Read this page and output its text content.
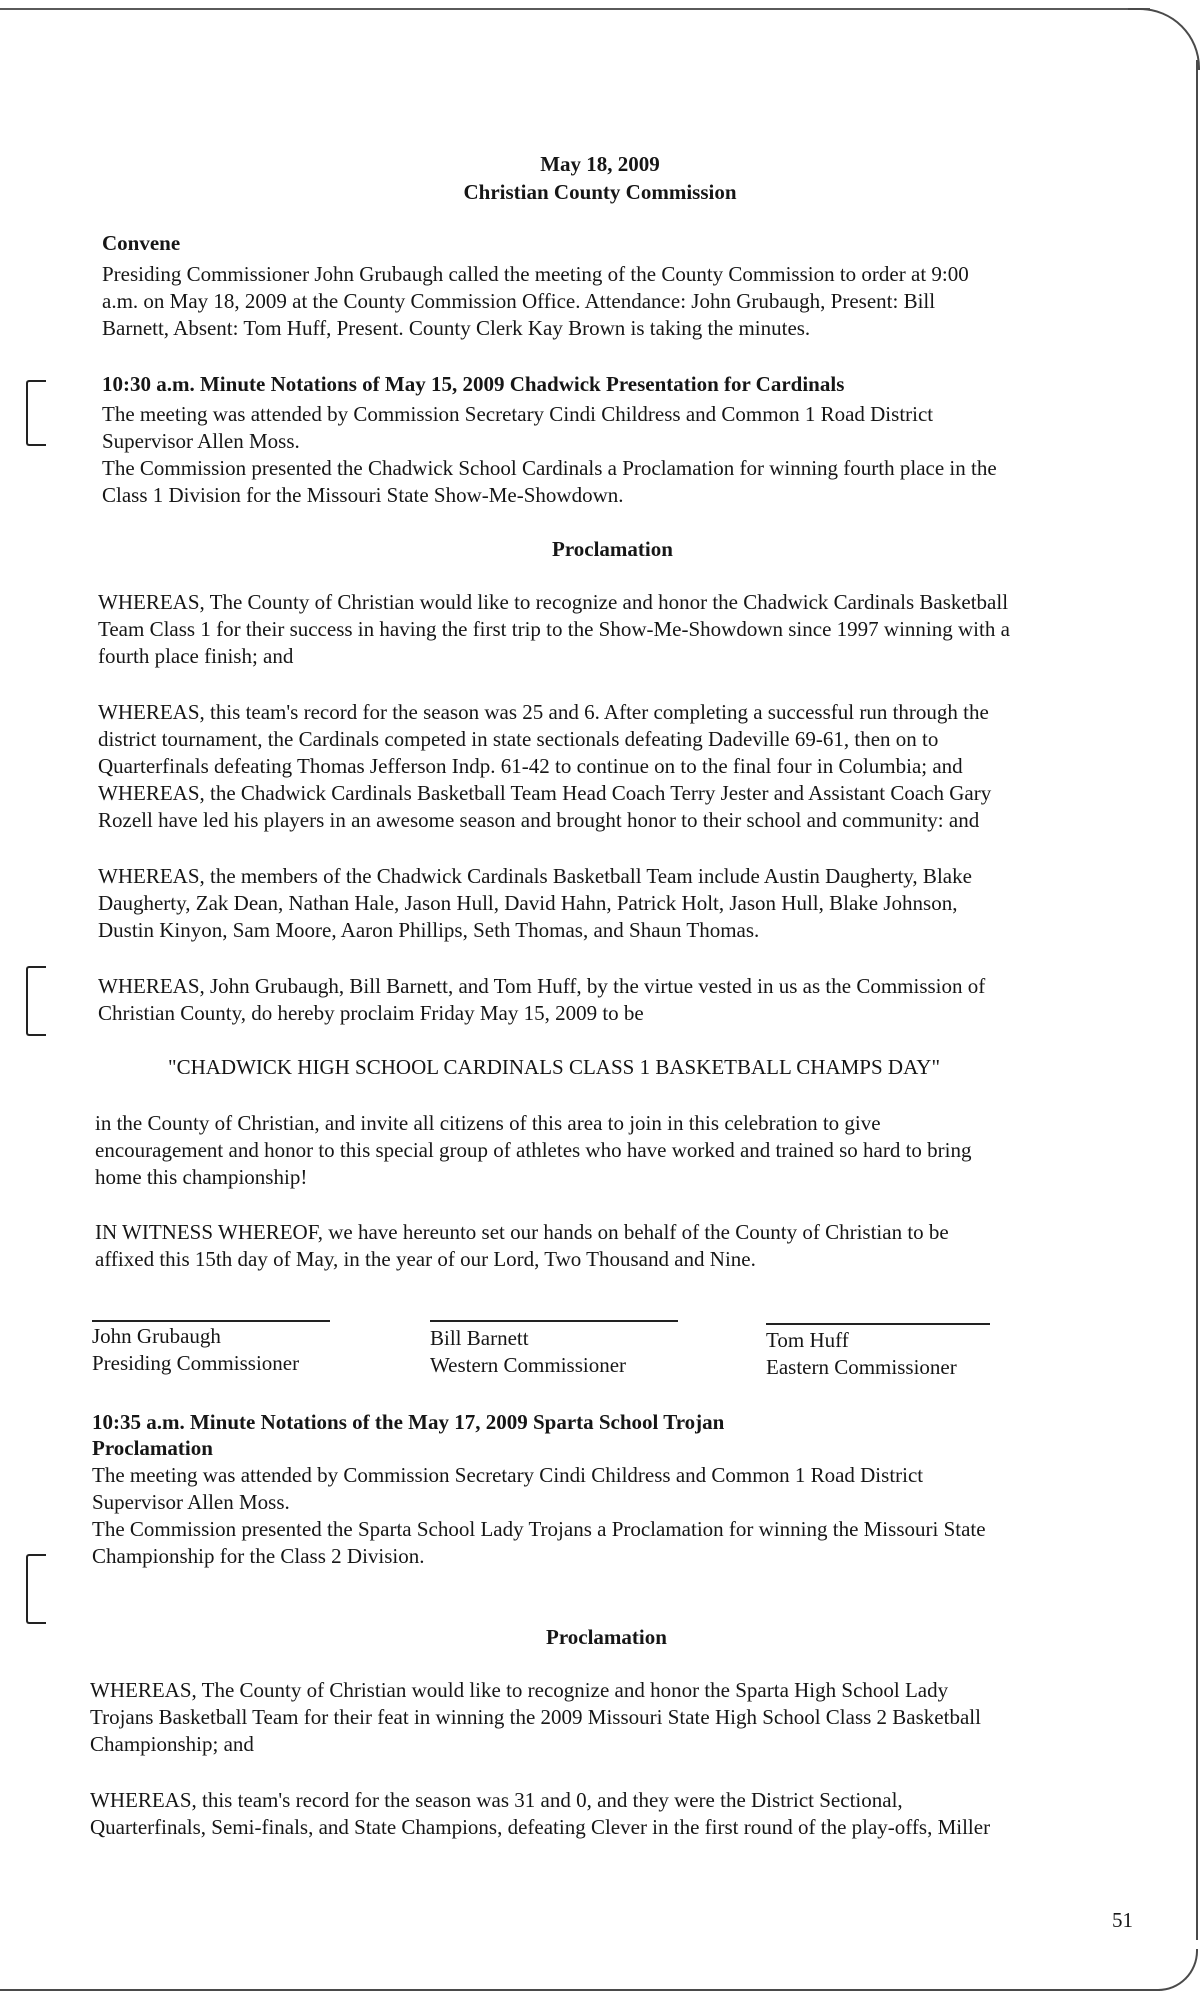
May 18, 2009
Christian County Commission
Convene
Presiding Commissioner John Grubaugh called the meeting of the County Commission to order at 9:00
a.m. on May 18, 2009 at the County Commission Office. Attendance: John Grubaugh, Present: Bill
Barnett, Absent: Tom Huff, Present. County Clerk Kay Brown is taking the minutes.
10:30 a.m. Minute Notations of May 15, 2009 Chadwick Presentation for Cardinals
The meeting was attended by Commission Secretary Cindi Childress and Common 1 Road District
Supervisor Allen Moss.
The Commission presented the Chadwick School Cardinals a Proclamation for winning fourth place in the
Class 1 Division for the Missouri State Show-Me-Showdown.
Proclamation
WHEREAS, The County of Christian would like to recognize and honor the Chadwick Cardinals Basketball
Team Class 1 for their success in having the first trip to the Show-Me-Showdown since 1997 winning with a
fourth place finish; and
WHEREAS, this team's record for the season was 25 and 6. After completing a successful run through the
district tournament, the Cardinals competed in state sectionals defeating Dadeville 69-61, then on to
Quarterfinals defeating Thomas Jefferson Indp. 61-42 to continue on to the final four in Columbia; and
WHEREAS, the Chadwick Cardinals Basketball Team Head Coach Terry Jester and Assistant Coach Gary
Rozell have led his players in an awesome season and brought honor to their school and community: and
WHEREAS, the members of the Chadwick Cardinals Basketball Team include Austin Daugherty, Blake
Daugherty, Zak Dean, Nathan Hale, Jason Hull, David Hahn, Patrick Holt, Jason Hull, Blake Johnson,
Dustin Kinyon, Sam Moore, Aaron Phillips, Seth Thomas, and Shaun Thomas.
WHEREAS, John Grubaugh, Bill Barnett, and Tom Huff, by the virtue vested in us as the Commission of
Christian County, do hereby proclaim Friday May 15, 2009 to be
"CHADWICK HIGH SCHOOL CARDINALS CLASS 1 BASKETBALL CHAMPS DAY"
in the County of Christian, and invite all citizens of this area to join in this celebration to give
encouragement and honor to this special group of athletes who have worked and trained so hard to bring
home this championship!
IN WITNESS WHEREOF, we have hereunto set our hands on behalf of the County of Christian to be
affixed this 15th day of May, in the year of our Lord, Two Thousand and Nine.
John Grubaugh
Presiding Commissioner
Bill Barnett
Western Commissioner
Tom Huff
Eastern Commissioner
10:35 a.m. Minute Notations of the May 17, 2009 Sparta School Trojan
Proclamation
The meeting was attended by Commission Secretary Cindi Childress and Common 1 Road District
Supervisor Allen Moss.
The Commission presented the Sparta School Lady Trojans a Proclamation for winning the Missouri State
Championship for the Class 2 Division.
Proclamation
WHEREAS, The County of Christian would like to recognize and honor the Sparta High School Lady
Trojans Basketball Team for their feat in winning the 2009 Missouri State High School Class 2 Basketball
Championship; and
WHEREAS, this team's record for the season was 31 and 0, and they were the District Sectional,
Quarterfinals, Semi-finals, and State Champions, defeating Clever in the first round of the play-offs, Miller
51
